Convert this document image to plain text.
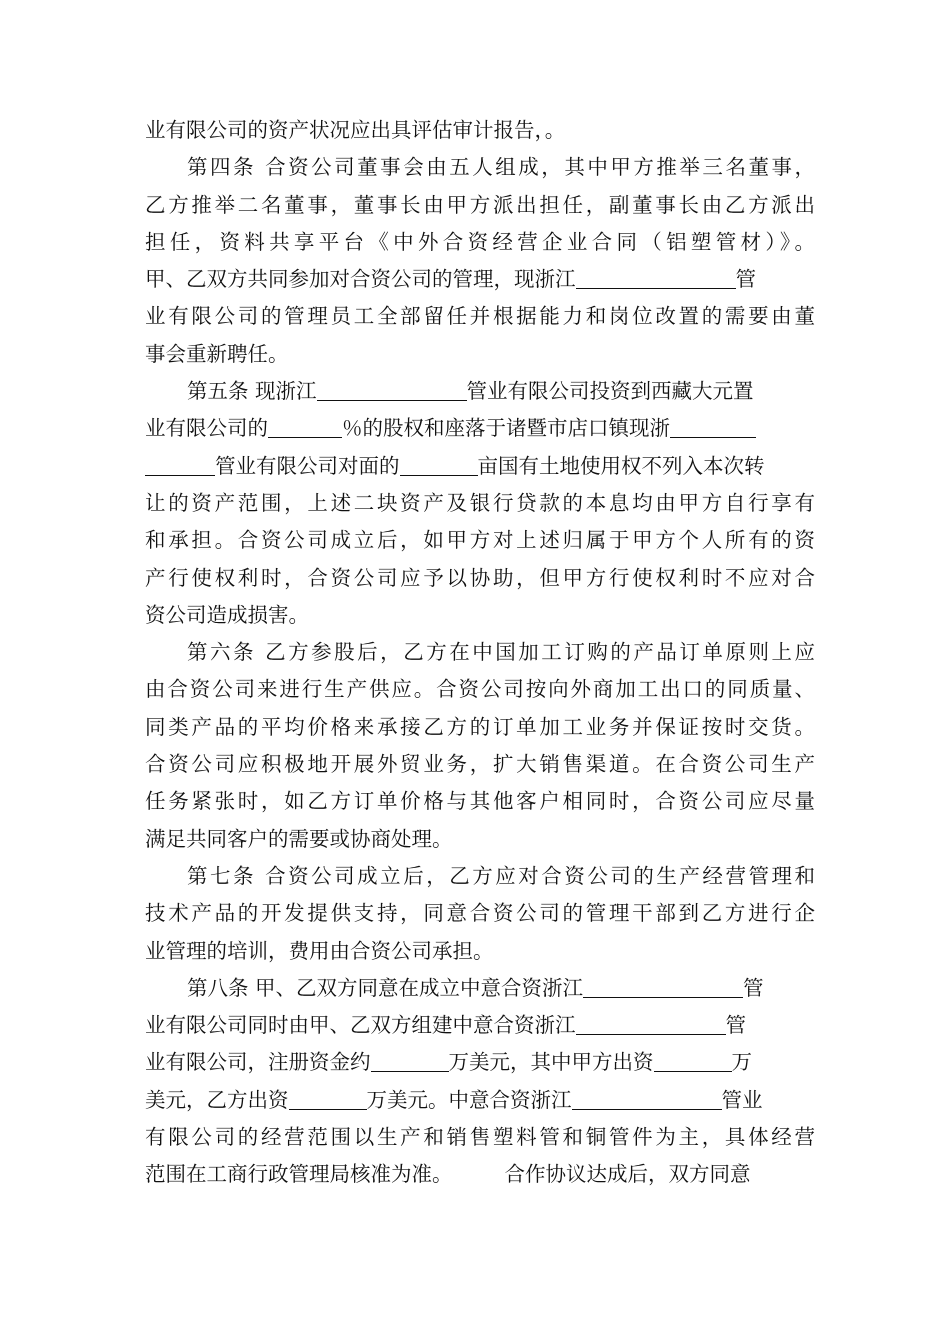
业有限公司的资产状况应出具评估审计报告，。
第四条 合资公司董事会由五人组成，其中甲方推举三名董事，
乙方推举二名董事，董事长由甲方派出担任，副董事长由乙方派出
担任，资料共享平台《中外合资经营企业合同（铝塑管材）》。
甲、乙双方共同参加对合资公司的管理，现浙江	管
业有限公司的管理员工全部留任并根据能力和岗位改置的需要由董
事会重新聘任。
第五条 现浙江	管业有限公司投资到西藏大元置
业有限公司的	％的股权和座落于诸暨市店口镇现浙
管业有限公司对面的	亩国有土地使用权不列入本次转
让的资产范围，上述二块资产及银行贷款的本息均由甲方自行享有
和承担。合资公司成立后，如甲方对上述归属于甲方个人所有的资
产行使权利时，合资公司应予以协助，但甲方行使权利时不应对合
资公司造成损害。
第六条 乙方参股后，乙方在中国加工订购的产品订单原则上应
由合资公司来进行生产供应。合资公司按向外商加工出口的同质量、
同类产品的平均价格来承接乙方的订单加工业务并保证按时交货。
合资公司应积极地开展外贸业务，扩大销售渠道。在合资公司生产
任务紧张时，如乙方订单价格与其他客户相同时，合资公司应尽量
满足共同客户的需要或协商处理。
第七条 合资公司成立后，乙方应对合资公司的生产经营管理和
技术产品的开发提供支持，同意合资公司的管理干部到乙方进行企
业管理的培训，费用由合资公司承担。
第八条 甲、乙双方同意在成立中意合资浙江	管
业有限公司同时由甲、乙双方组建中意合资浙江	管
业有限公司，注册资金约	万美元，其中甲方出资	万
美元，乙方出资	万美元。中意合资浙江	管业
有限公司的经营范围以生产和销售塑料管和铜管件为主，具体经营
范围在工商行政管理局核准为准。	合作协议达成后，双方同意
